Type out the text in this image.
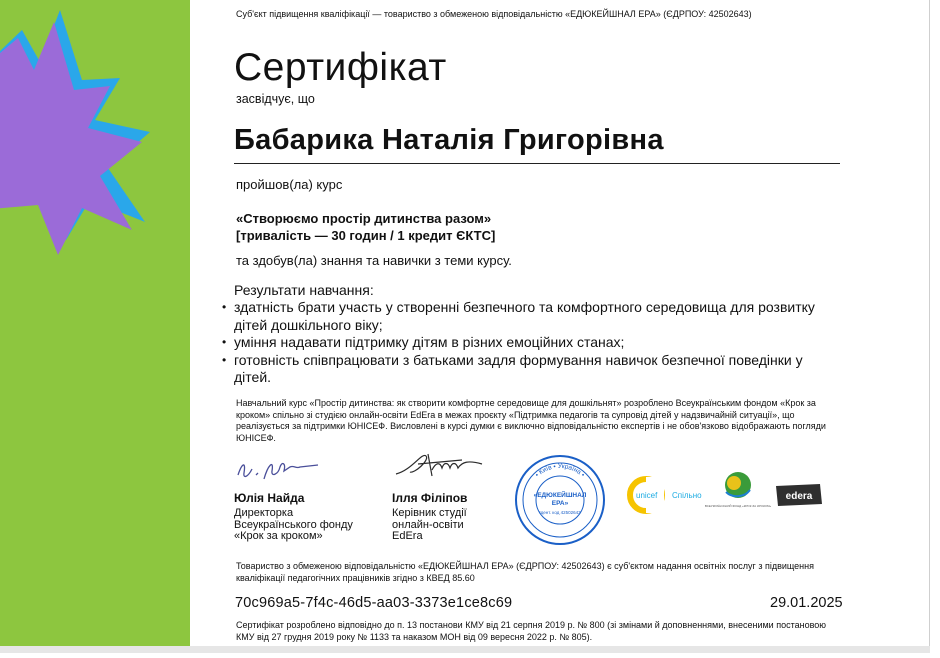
Суб'єкт підвищення кваліфікації — товариство з обмеженою відповідальністю «ЕДЮКЕЙШНАЛ ЕРА» (ЄДРПОУ: 42502643)
Сертифікат
засвідчує, що
Бабарика Наталія Григорівна
пройшов(ла) курс
«Створюємо простір дитинства разом»
[тривалість — 30 годин / 1 кредит ЄКТС]
та здобув(ла) знання та навички з теми курсу.
Результати навчання:
• здатність брати участь у створенні безпечного та комфортного середовища для розвитку дітей дошкільного віку;
• уміння надавати підтримку дітям в різних емоційних станах;
• готовність співпрацювати з батьками задля формування навичок безпечної поведінки у дітей.
Навчальний курс «Простір дитинства: як створити комфортне середовище для дошкільнят» розроблено Всеукраїнським фондом «Крок за кроком» спільно зі студією онлайн-освіти EdEra в межах проєкту «Підтримка педагогів та супровід дітей у надзвичайній ситуації», що реалізується за підтримки ЮНІСЕФ. Висловлені в курсі думки є виключно відповідальністю експертів і не обов'язково відображають погляди ЮНІСЕФ.
Юлія Найда
Директорка
Всеукраїнського фонду
«Крок за кроком»
Ілля Філіпов
Керівник студії
онлайн-освіти
EdEra
• Київ • Україна •
«ЕДЮКЕЙШНАЛ
ЕРА»
Ідент. код 42502643
unicef Спільно
ВСЕУКРАЇНСЬКИЙ ФОНД «КРОК ЗА КРОКОМ»
edera
Товариство з обмеженою відповідальністю «ЕДЮКЕЙШНАЛ ЕРА» (ЄДРПОУ: 42502643) є суб'єктом надання освітніх послуг з підвищення кваліфікації педагогічних працівників згідно з КВЕД 85.60
70c969a5-7f4c-46d5-aa03-3373e1ce8c69	29.01.2025
Сертифікат розроблено відповідно до п. 13 постанови КМУ від 21 серпня 2019 р. № 800 (зі змінами й доповненнями, внесеними постановою КМУ від 27 грудня 2019 року № 1133 та наказом МОН від 09 вересня 2022 р. № 805).
